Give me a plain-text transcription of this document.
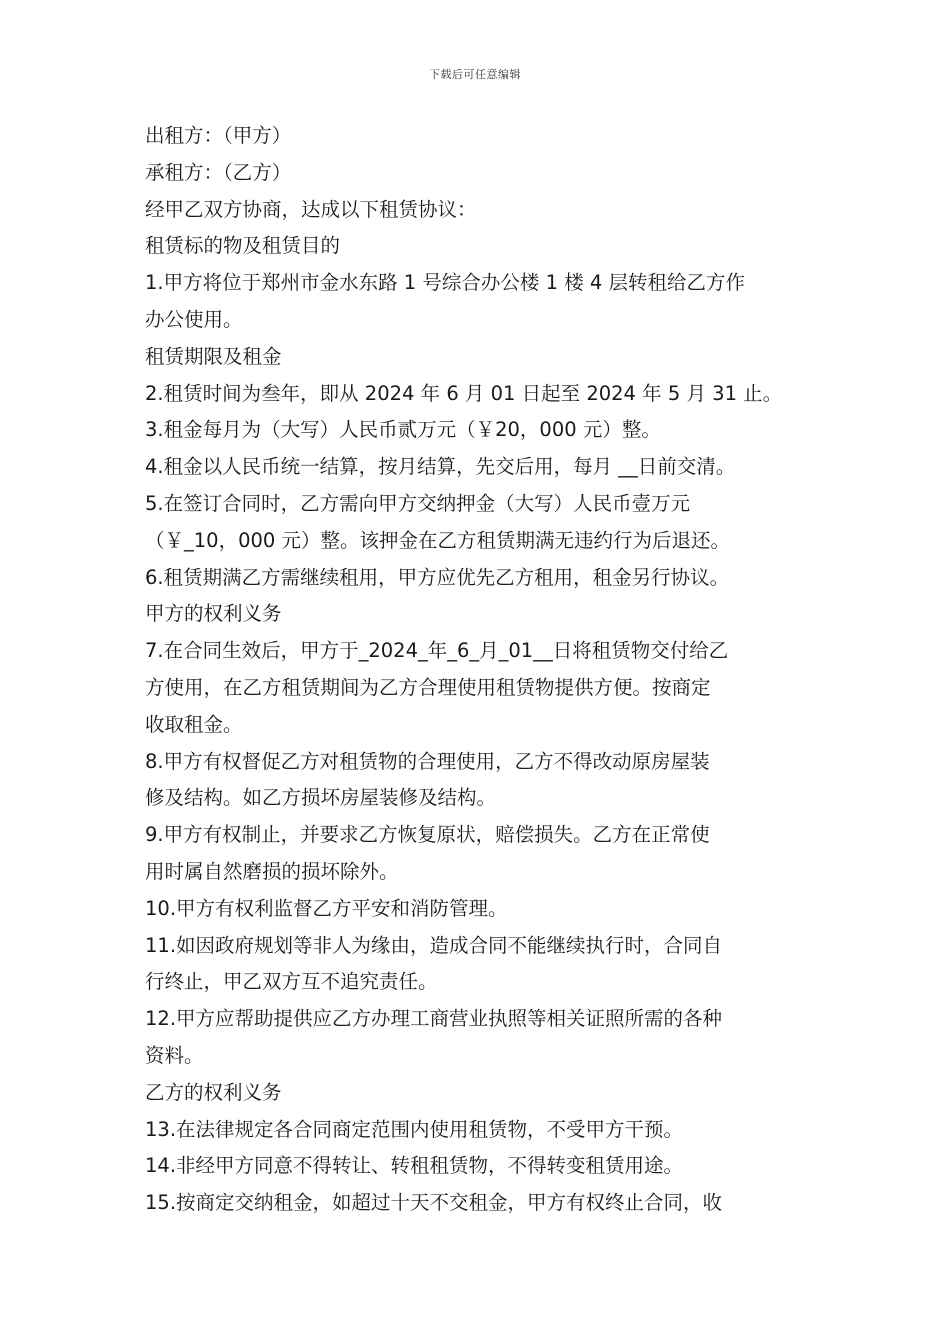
下载后可任意编辑
出租方：（甲方）
承租方：（乙方）
经甲乙双方协商，达成以下租赁协议：
租赁标的物及租赁目的
1.甲方将位于郑州市金水东路 1 号综合办公楼 1 楼 4 层转租给乙方作
办公使用。
租赁期限及租金
2.租赁时间为叁年，即从 2024 年 6 月 01 日起至 2024 年 5 月 31 止。
3.租金每月为（大写）人民币贰万元（￥20，000 元）整。
4.租金以人民币统一结算，按月结算，先交后用，每月 __日前交清。
5.在签订合同时，乙方需向甲方交纳押金（大写）人民币壹万元
（￥_10，000 元）整。该押金在乙方租赁期满无违约行为后退还。
6.租赁期满乙方需继续租用，甲方应优先乙方租用，租金另行协议。
甲方的权利义务
7.在合同生效后，甲方于_2024_年_6_月_01__日将租赁物交付给乙
方使用，在乙方租赁期间为乙方合理使用租赁物提供方便。按商定
收取租金。
8.甲方有权督促乙方对租赁物的合理使用，乙方不得改动原房屋装
修及结构。如乙方损坏房屋装修及结构。
9.甲方有权制止，并要求乙方恢复原状，赔偿损失。乙方在正常使
用时属自然磨损的损坏除外。
10.甲方有权利监督乙方平安和消防管理。
11.如因政府规划等非人为缘由，造成合同不能继续执行时，合同自
行终止，甲乙双方互不追究责任。
12.甲方应帮助提供应乙方办理工商营业执照等相关证照所需的各种
资料。
乙方的权利义务
13.在法律规定各合同商定范围内使用租赁物，不受甲方干预。
14.非经甲方同意不得转让、转租租赁物，不得转变租赁用途。
15.按商定交纳租金，如超过十天不交租金，甲方有权终止合同，收
